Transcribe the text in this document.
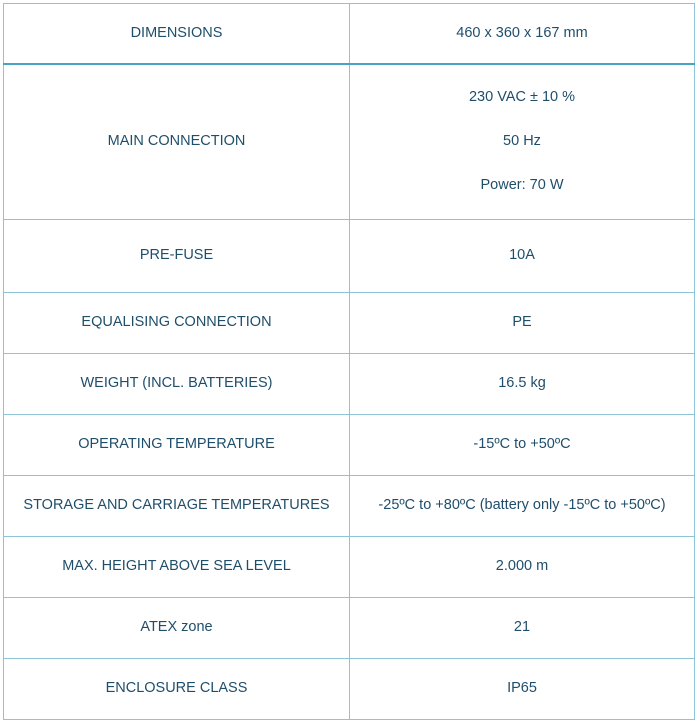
DIMENSIONS	460 x 360 x 167 mm
MAIN CONNECTION	230 VAC ± 10 %
50 Hz
Power: 70 W

PRE-FUSE	10A
EQUALISING CONNECTION	PE
WEIGHT (INCL. BATTERIES)	16.5 kg
OPERATING TEMPERATURE	-15ºC to +50ºC
STORAGE AND CARRIAGE TEMPERATURES	-25ºC to +80ºC (battery only -15ºC to +50ºC)
MAX. HEIGHT ABOVE SEA LEVEL	2.000 m
ATEX zone	21
ENCLOSURE CLASS	IP65
